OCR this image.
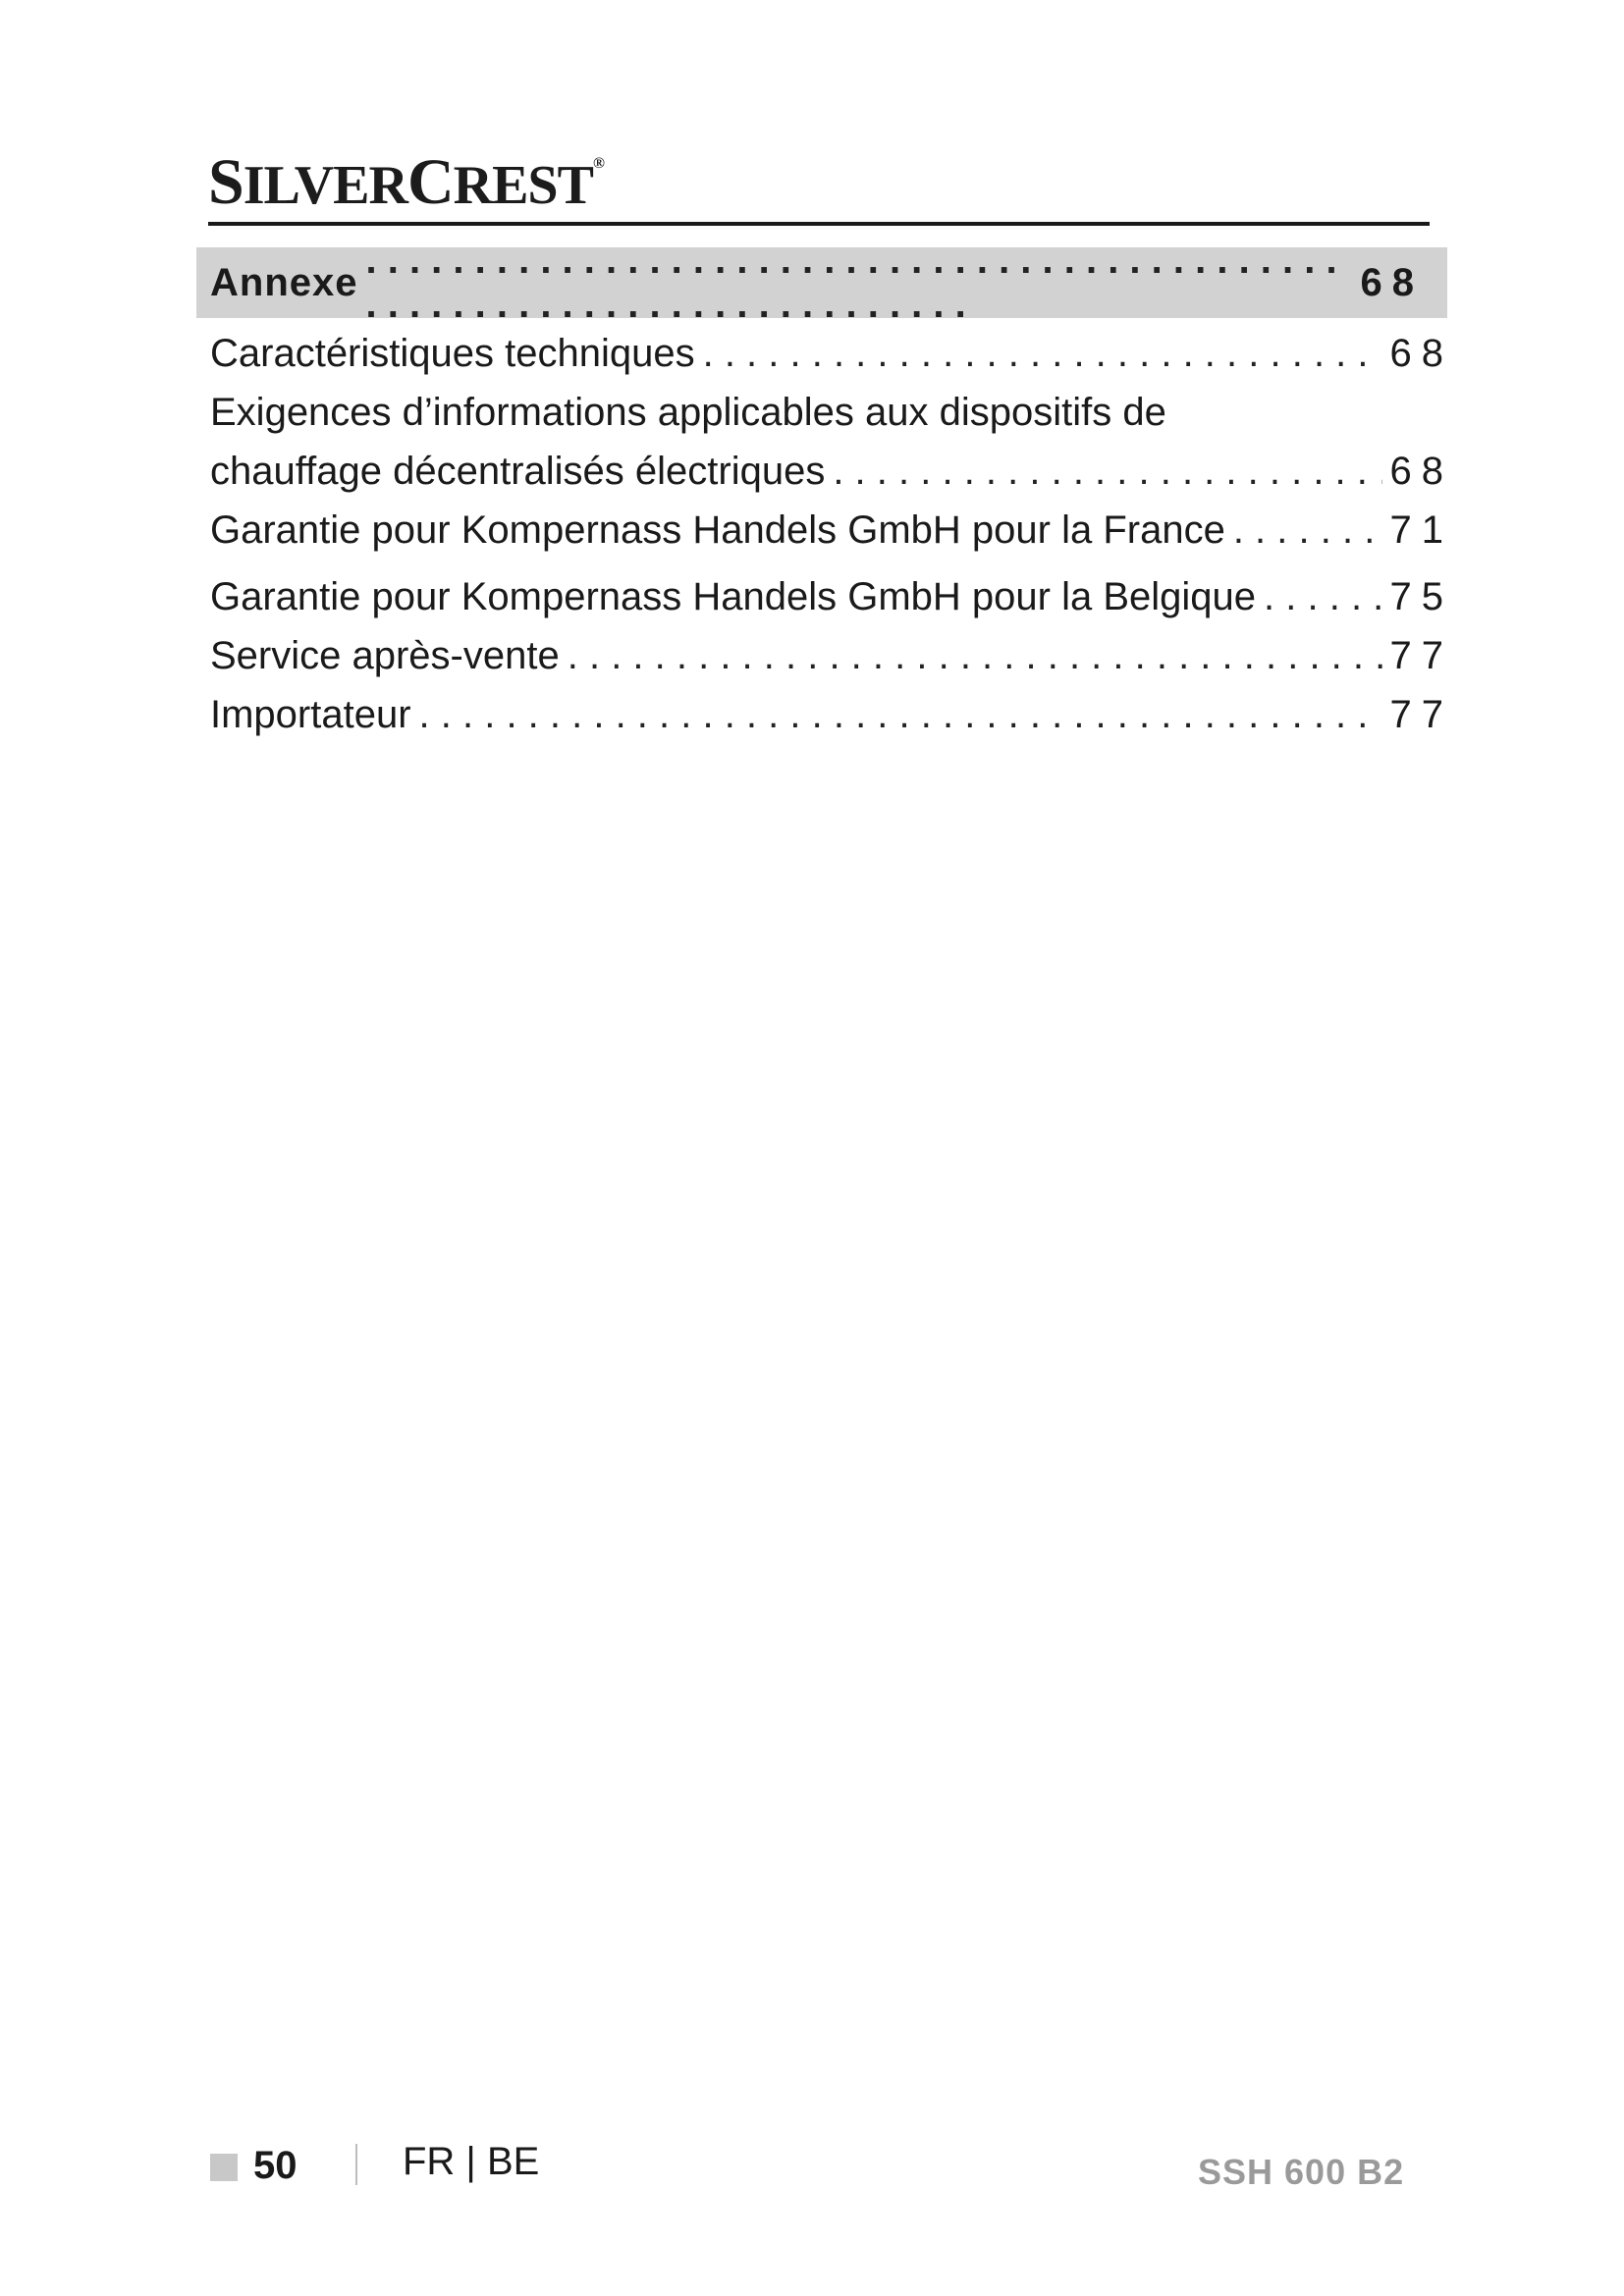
SILVERCREST®
Annexe . . .	68
Caractéristiques techniques . . .	68
Exigences d’informations applicables aux dispositifs de
chauffage décentralisés électriques . . .	68
Garantie pour Kompernass Handels GmbH pour la France . . .	71
Garantie pour Kompernass Handels GmbH pour la Belgique . . .	75
Service après-vente . . .	77
Importateur . . .	77
50	FR | BE	SSH 600 B2
